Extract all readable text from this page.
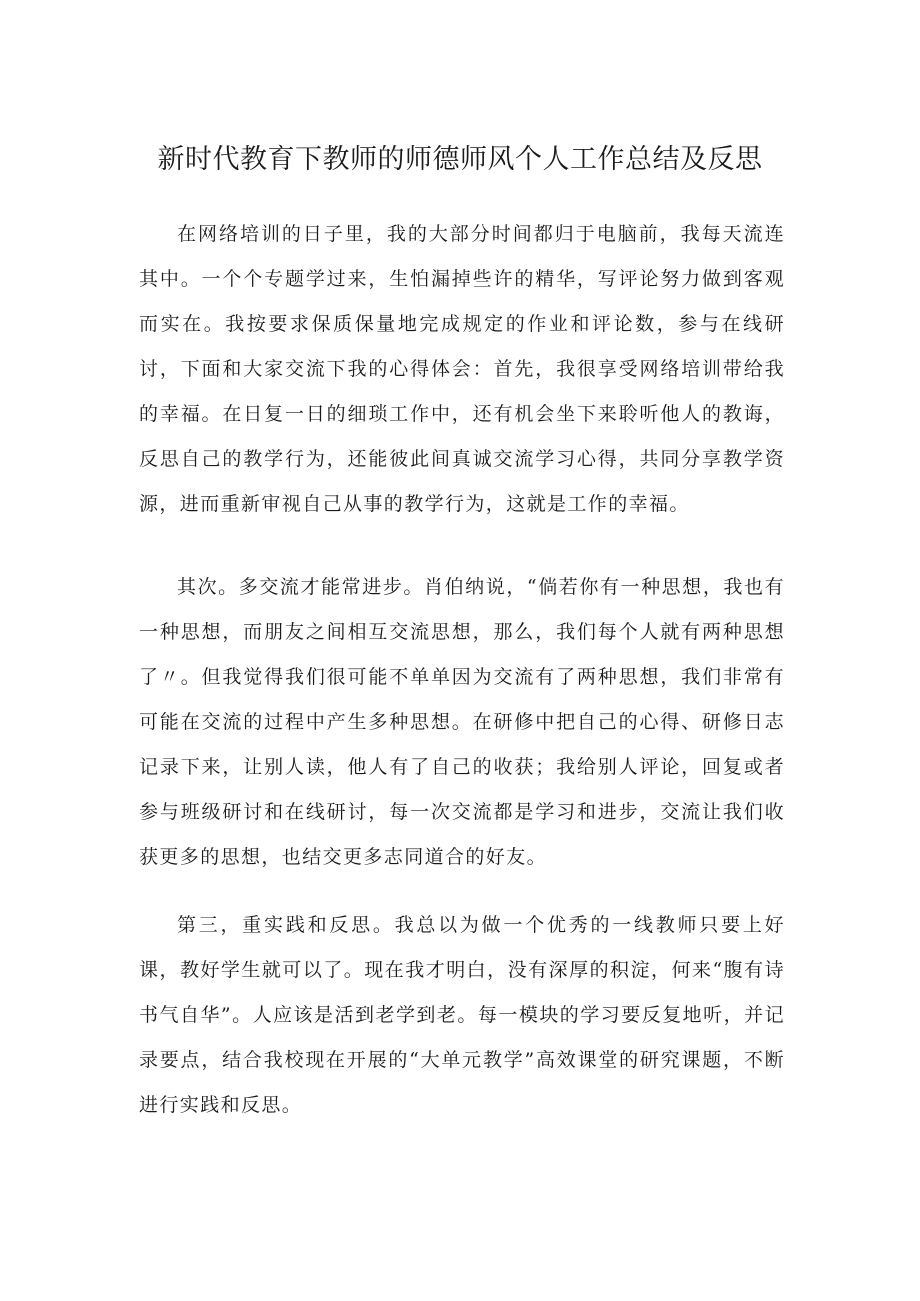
新时代教育下教师的师德师风个人工作总结及反思

在网络培训的日子里，我的大部分时间都归于电脑前，我每天流连其中。一个个专题学过来，生怕漏掉些许的精华，写评论努力做到客观而实在。我按要求保质保量地完成规定的作业和评论数，参与在线研讨，下面和大家交流下我的心得体会：首先，我很享受网络培训带给我的幸福。在日复一日的细琐工作中，还有机会坐下来聆听他人的教诲，反思自己的教学行为，还能彼此间真诚交流学习心得，共同分享教学资源，进而重新审视自己从事的教学行为，这就是工作的幸福。

其次。多交流才能常进步。肖伯纳说，“倘若你有一种思想，我也有一种思想，而朋友之间相互交流思想，那么，我们每个人就有两种思想了〃。但我觉得我们很可能不单单因为交流有了两种思想，我们非常有可能在交流的过程中产生多种思想。在研修中把自己的心得、研修日志记录下来，让别人读，他人有了自己的收获；我给别人评论，回复或者参与班级研讨和在线研讨，每一次交流都是学习和进步，交流让我们收获更多的思想，也结交更多志同道合的好友。

第三，重实践和反思。我总以为做一个优秀的一线教师只要上好课，教好学生就可以了。现在我才明白，没有深厚的积淀，何来“腹有诗书气自华”。人应该是活到老学到老。每一模块的学习要反复地听，并记录要点，结合我校现在开展的“大单元教学”高效课堂的研究课题，不断进行实践和反思。
